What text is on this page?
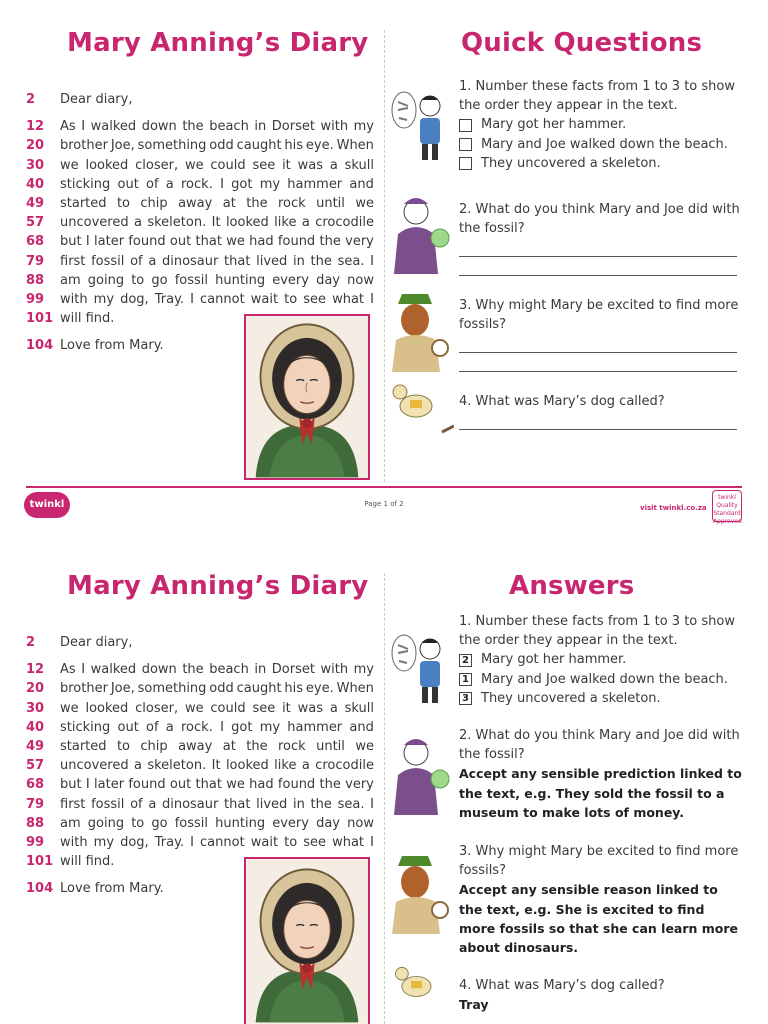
Mary Anning’s Diary	Quick Questions
2	Dear diary,
12	As I walked down the beach in Dorset with my
20	brother Joe, something odd caught his eye. When
30	we looked closer, we could see it was a skull
40	sticking out of a rock. I got my hammer and
49	started to chip away at the rock until we
57	uncovered a skeleton. It looked like a crocodile
68	but I later found out that we had found the very
79	first fossil of a dinosaur that lived in the sea. I
88	am going to go fossil hunting every day now
99	with my dog, Tray. I cannot wait to see what I
101 will find.
104 Love from Mary.
1. Number these facts from 1 to 3 to show the order they appear in the text.
Mary got her hammer.
Mary and Joe walked down the beach.
They uncovered a skeleton.
2. What do you think Mary and Joe did with the fossil?
3. Why might Mary be excited to find more fossils?
4. What was Mary’s dog called?
twinkl	Page 1 of 2	visit twinkl.co.za
twinkl Quality Standard Approved
Mary Anning’s Diary	Answers
2	Dear diary,
12	As I walked down the beach in Dorset with my
20	brother Joe, something odd caught his eye. When
30	we looked closer, we could see it was a skull
40	sticking out of a rock. I got my hammer and
49	started to chip away at the rock until we
57	uncovered a skeleton. It looked like a crocodile
68	but I later found out that we had found the very
79	first fossil of a dinosaur that lived in the sea. I
88	am going to go fossil hunting every day now
99	with my dog, Tray. I cannot wait to see what I
101 will find.
104 Love from Mary.
1. Number these facts from 1 to 3 to show the order they appear in the text.
2 Mary got her hammer.
1 Mary and Joe walked down the beach.
3 They uncovered a skeleton.
2. What do you think Mary and Joe did with the fossil?
Accept any sensible prediction linked to the text, e.g. They sold the fossil to a museum to make lots of money.
3. Why might Mary be excited to find more fossils?
Accept any sensible reason linked to the text, e.g. She is excited to find more fossils so that she can learn more about dinosaurs.
4. What was Mary’s dog called?
Tray
